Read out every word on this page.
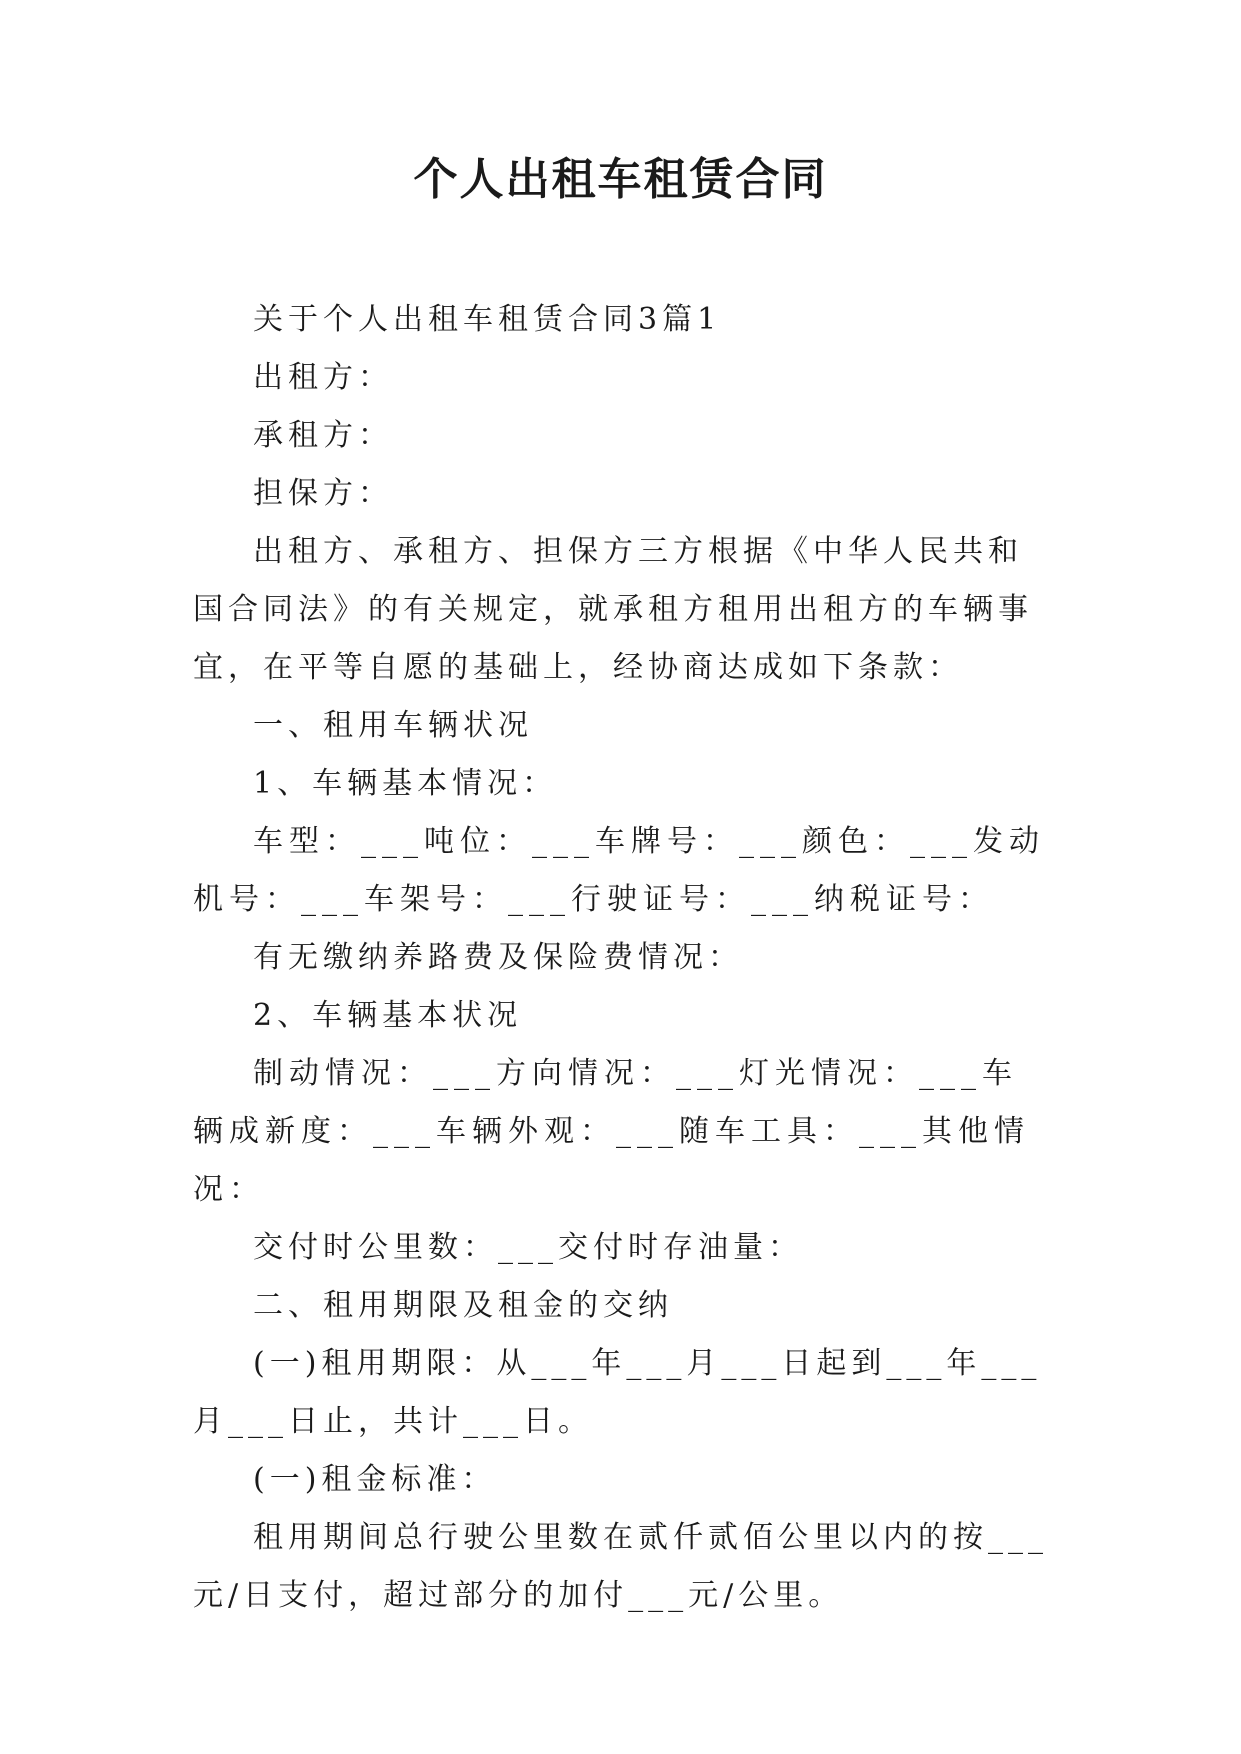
个人出租车租赁合同

关于个人出租车租赁合同3篇1

出租方：

承租方：

担保方：

出租方、承租方、担保方三方根据《中华人民共和国合同法》的有关规定，就承租方租用出租方的车辆事宜，在平等自愿的基础上，经协商达成如下条款：

一、租用车辆状况

1、车辆基本情况：

车型：___吨位：___车牌号：___颜色：___发动机号：___车架号：___行驶证号：___纳税证号：

有无缴纳养路费及保险费情况：

2、车辆基本状况

制动情况：___方向情况：___灯光情况：___车辆成新度：___车辆外观：___随车工具：___其他情况：

交付时公里数：___交付时存油量：

二、租用期限及租金的交纳

(一)租用期限：从___年___月___日起到___年___月___日止，共计___日。

(一)租金标准：

租用期间总行驶公里数在贰仟贰佰公里以内的按___元/日支付，超过部分的加付___元/公里。
